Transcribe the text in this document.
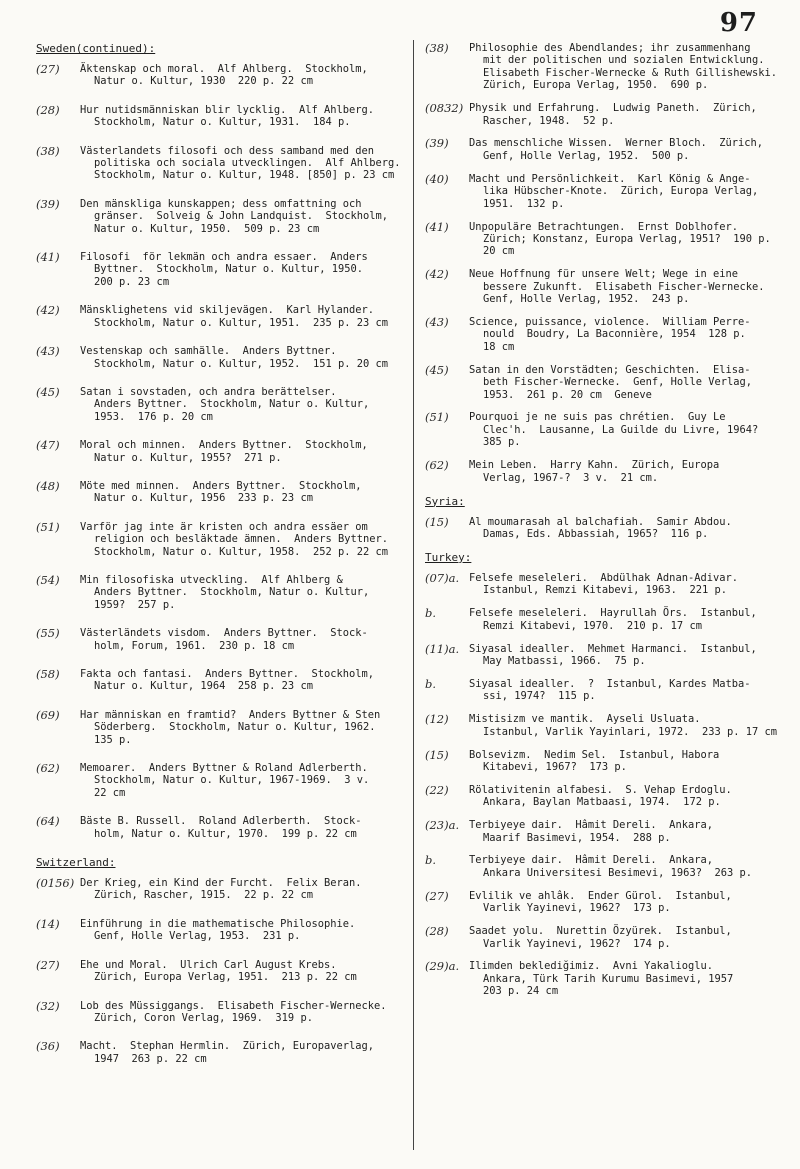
97
Sweden(continued):
(27)	Äktenskap och moral.  Alf Ahlberg.  Stockholm,
Natur o. Kultur, 1930  220 p. 22 cm
(28)	Hur nutidsmänniskan blir lycklig.  Alf Ahlberg.
Stockholm, Natur o. Kultur, 1931.  184 p.
(38)	Västerlandets filosofi och dess samband med den
politiska och sociala utvecklingen.  Alf Ahlberg.
Stockholm, Natur o. Kultur, 1948. [850] p. 23 cm
(39)	Den mänskliga kunskappen; dess omfattning och
gränser.  Solveig & John Landquist.  Stockholm,
Natur o. Kultur, 1950.  509 p. 23 cm
(41)	Filosofi  för lekmän och andra essaer.  Anders
Byttner.  Stockholm, Natur o. Kultur, 1950.
200 p. 23 cm
(42)	Mänsklighetens vid skiljevägen.  Karl Hylander.
Stockholm, Natur o. Kultur, 1951.  235 p. 23 cm
(43)	Vestenskap och samhälle.  Anders Byttner.
Stockholm, Natur o. Kultur, 1952.  151 p. 20 cm
(45)	Satan i sovstaden, och andra berättelser.
Anders Byttner.  Stockholm, Natur o. Kultur,
1953.  176 p. 20 cm
(47)	Moral och minnen.  Anders Byttner.  Stockholm,
Natur o. Kultur, 1955?  271 p.
(48)	Möte med minnen.  Anders Byttner.  Stockholm,
Natur o. Kultur, 1956  233 p. 23 cm
(51)	Varför jag inte är kristen och andra essäer om
religion och besläktade ämnen.  Anders Byttner.
Stockholm, Natur o. Kultur, 1958.  252 p. 22 cm
(54)	Min filosofiska utveckling.  Alf Ahlberg &
Anders Byttner.  Stockholm, Natur o. Kultur,
1959?  257 p.
(55)	Västerländets visdom.  Anders Byttner.  Stock-
holm, Forum, 1961.  230 p. 18 cm
(58)	Fakta och fantasi.  Anders Byttner.  Stockholm,
Natur o. Kultur, 1964  258 p. 23 cm
(69)	Har människan en framtid?  Anders Byttner & Sten
Söderberg.  Stockholm, Natur o. Kultur, 1962.
135 p.
(62)	Memoarer.  Anders Byttner & Roland Adlerberth.
Stockholm, Natur o. Kultur, 1967-1969.  3 v.
22 cm
(64)	Bäste B. Russell.  Roland Adlerberth.  Stock-
holm, Natur o. Kultur, 1970.  199 p. 22 cm
Switzerland:
(0156) Der Krieg, ein Kind der Furcht.  Felix Beran.
Zürich, Rascher, 1915.  22 p. 22 cm
(14)	Einführung in die mathematische Philosophie.
Genf, Holle Verlag, 1953.  231 p.
(27)	Ehe und Moral.  Ulrich Carl August Krebs.
Zürich, Europa Verlag, 1951.  213 p. 22 cm
(32)	Lob des Müssiggangs.  Elisabeth Fischer-Wernecke.
Zürich, Coron Verlag, 1969.  319 p.
(36)	Macht.  Stephan Hermlin.  Zürich, Europaverlag,
1947  263 p. 22 cm
(38)	Philosophie des Abendlandes; ihr zusammenhang
mit der politischen und sozialen Entwicklung.
Elisabeth Fischer-Wernecke & Ruth Gillishewski.
Zürich, Europa Verlag, 1950.  690 p.
(0832) Physik und Erfahrung.  Ludwig Paneth.  Zürich,
Rascher, 1948.  52 p.
(39)	Das menschliche Wissen.  Werner Bloch.  Zürich,
Genf, Holle Verlag, 1952.  500 p.
(40)	Macht und Persönlichkeit.  Karl König & Ange-
lika Hübscher-Knote.  Zürich, Europa Verlag,
1951.  132 p.
(41)	Unpopuläre Betrachtungen.  Ernst Doblhofer.
Zürich; Konstanz, Europa Verlag, 1951?  190 p.
20 cm
(42)	Neue Hoffnung für unsere Welt; Wege in eine
bessere Zukunft.  Elisabeth Fischer-Wernecke.
Genf, Holle Verlag, 1952.  243 p.
(43)	Science, puissance, violence.  William Perre-
nould  Boudry, La Baconnière, 1954  128 p.
18 cm
(45)	Satan in den Vorstädten; Geschichten.  Elisa-
beth Fischer-Wernecke.  Genf, Holle Verlag,
1953.  261 p. 20 cm  Geneve
(51)	Pourquoi je ne suis pas chrétien.  Guy Le
Clec'h.  Lausanne, La Guilde du Livre, 1964?
385 p.
(62)	Mein Leben.  Harry Kahn.  Zürich, Europa
Verlag, 1967-?  3 v.  21 cm.
Syria:
(15)	Al moumarasah al balchafiah.  Samir Abdou.
Damas, Eds. Abbassiah, 1965?  116 p.
Turkey:
(07)a. Felsefe meseleleri.  Abdülhak Adnan-Adivar.
Istanbul, Remzi Kitabevi, 1963.  221 p.
b.	Felsefe meseleleri.  Hayrullah Örs.  Istanbul,
Remzi Kitabevi, 1970.  210 p. 17 cm
(11)a. Siyasal idealler.  Mehmet Harmanci.  Istanbul,
May Matbassi, 1966.  75 p.
b.	Siyasal idealler.  ?  Istanbul, Kardes Matba-
ssi, 1974?  115 p.
(12)	Mistisizm ve mantik.  Ayseli Usluata.
Istanbul, Varlik Yayinlari, 1972.  233 p. 17 cm
(15)	Bolsevizm.  Nedim Sel.  Istanbul, Habora
Kitabevi, 1967?  173 p.
(22)	Rölativitenin alfabesi.  S. Vehap Erdoglu.
Ankara, Baylan Matbaasi, 1974.  172 p.
(23)a. Terbiyeye dair.  Hâmit Dereli.  Ankara,
Maarif Basimevi, 1954.  288 p.
b.	Terbiyeye dair.  Hâmit Dereli.  Ankara,
Ankara Universitesi Besimevi, 1963?  263 p.
(27)	Evlilik ve ahlâk.  Ender Gürol.  Istanbul,
Varlik Yayinevi, 1962?  173 p.
(28)	Saadet yolu.  Nurettin Özyürek.  Istanbul,
Varlik Yayinevi, 1962?  174 p.
(29)a. Ilimden beklediğimiz.  Avni Yakalioglu.
Ankara, Türk Tarih Kurumu Basimevi, 1957
203 p. 24 cm
